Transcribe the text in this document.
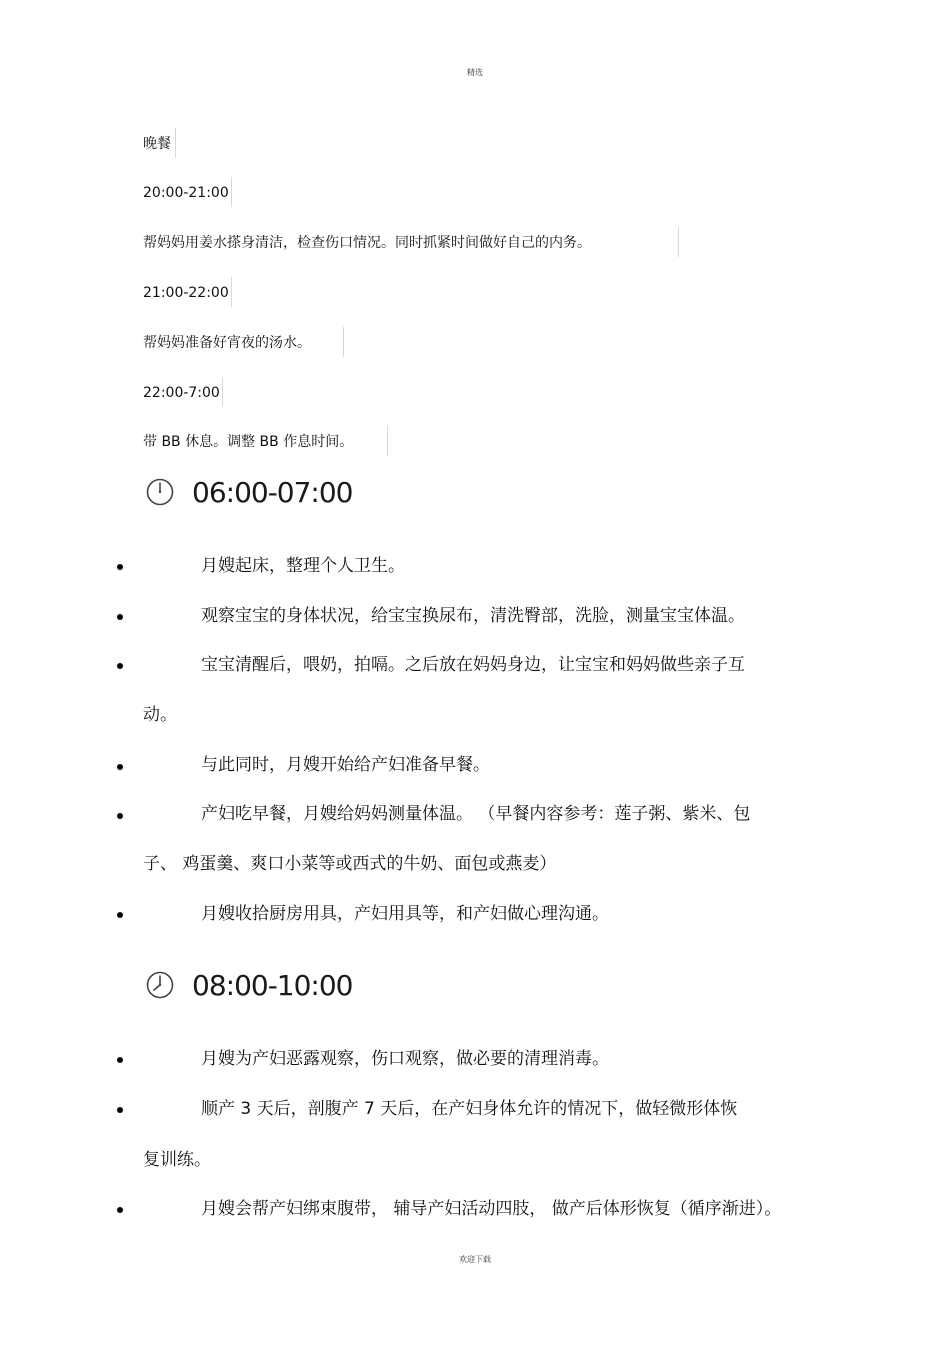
精选
晚餐
20:00-21:00
帮妈妈用姜水搽身清洁，检查伤口情况。同时抓紧时间做好自己的内务。
21:00-22:00
帮妈妈准备好宵夜的汤水。
22:00-7:00
带 BB 休息。调整 BB 作息时间。
06:00-07:00
月嫂起床，整理个人卫生。
观察宝宝的身体状况，给宝宝换尿布，清洗臀部，洗脸，测量宝宝体温。
宝宝清醒后，喂奶，拍嗝。之后放在妈妈身边，让宝宝和妈妈做些亲子互
动。
与此同时，月嫂开始给产妇准备早餐。
产妇吃早餐，月嫂给妈妈测量体温。 （早餐内容参考：莲子粥、紫米、包
子、 鸡蛋羹、爽口小菜等或西式的牛奶、面包或燕麦）
月嫂收拾厨房用具，产妇用具等，和产妇做心理沟通。
08:00-10:00
月嫂为产妇恶露观察，伤口观察，做必要的清理消毒。
顺产 3 天后，剖腹产 7 天后，在产妇身体允许的情况下，做轻微形体恢
复训练。
月嫂会帮产妇绑束腹带， 辅导产妇活动四肢， 做产后体形恢复（循序渐进）。
欢迎下载
